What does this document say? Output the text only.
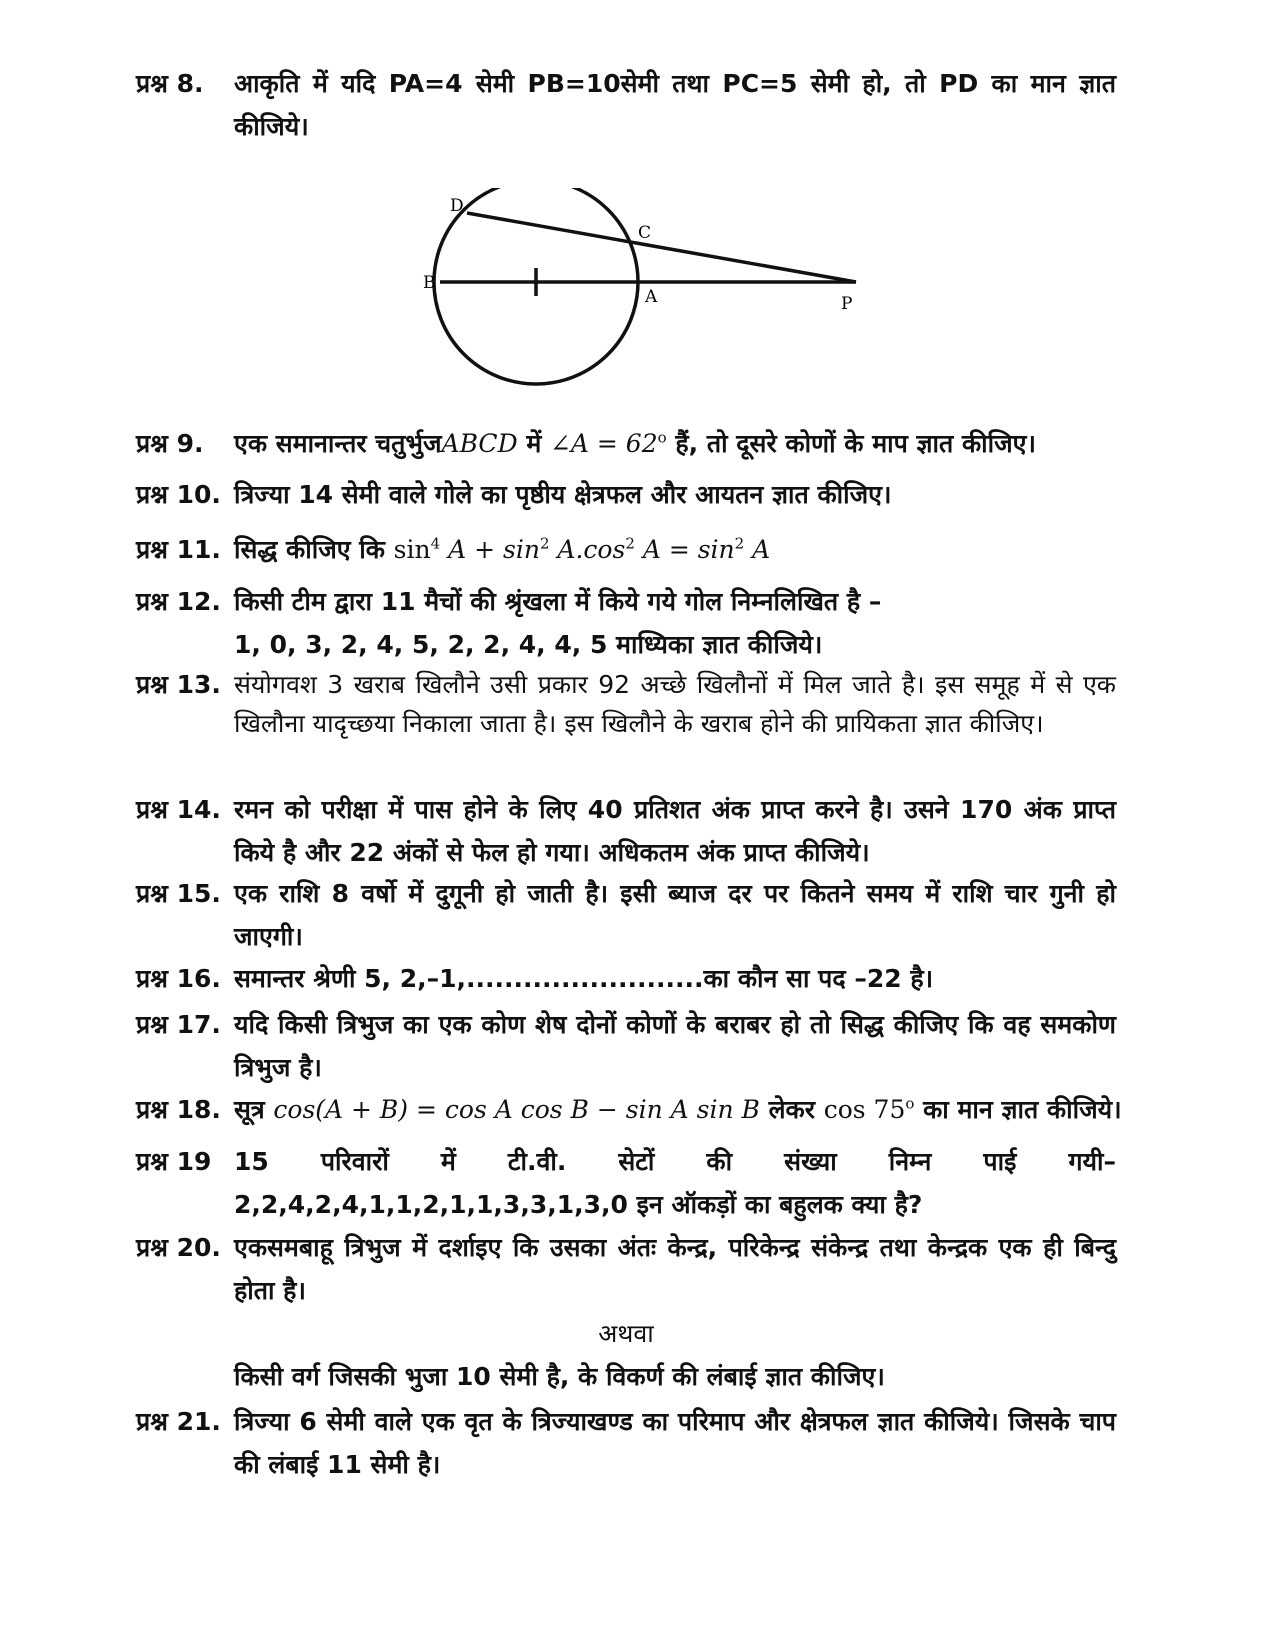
प्रश्न 8. आकृति में यदि PA=4 सेमी PB=10सेमी तथा PC=5 सेमी हो, तो PD का मान ज्ञात कीजिये।
D
C
B
A	P
प्रश्न 9. एक समानान्तर चतुर्भुजABCD में ∠A = $62^o$ हैं, तो दूसरे कोणों के माप ज्ञात कीजिए।
प्रश्न 10. त्रिज्या 14 सेमी वाले गोले का पृष्ठीय क्षेत्रफल और आयतन ज्ञात कीजिए।
प्रश्न 11. सिद्ध कीजिए कि $\sin^4 A + \sin^2 A.\cos^2$ $A = \sin^2 A$
प्रश्न 12. किसी टीम द्वारा 11 मैचों की श्रृंखला में किये गये गोल निम्नलिखित है –
1, 0, 3, 2, 4, 5, 2, 2, 4, 4, 5 माध्यिका ज्ञात कीजिये।
प्रश्न 13. संयोगवश 3 खराब खिलौने उसी प्रकार 92 अच्छे खिलौनों में मिल जाते है। इस समूह में से एक खिलौना यादृच्छया निकाला जाता है। इस खिलौने के खराब होने की प्रायिकता ज्ञात कीजिए।
प्रश्न 14. रमन को परीक्षा में पास होने के लिए 40 प्रतिशत अंक प्राप्त करने है। उसने 170 अंक प्राप्त किये है और 22 अंकों से फेल हो गया। अधिकतम अंक प्राप्त कीजिये।
प्रश्न 15. एक राशि 8 वर्षो में दुगूनी हो जाती है। इसी ब्याज दर पर कितने समय में राशि चार गुनी हो जाएगी।
प्रश्न 16. समान्तर श्रेणी 5, 2,–1,.........................का कौन सा पद –22 है।
प्रश्न 17. यदि किसी त्रिभुज का एक कोण शेष दोनों कोणों के बराबर हो तो सिद्ध कीजिए कि वह समकोण त्रिभुज है।
प्रश्न 18. सूत्र cos(A + B) = cos A cos B − sin A sin B लेकर cos 75$^o$ का मान ज्ञात कीजिये।
प्रश्न 19 15 परिवारों में टी.वी. सेटों की संख्या निम्न पाई गयी– 2,2,4,2,4,1,1,2,1,1,3,3,1,3,0 इन ऑकड़ों का बहुलक क्या है?
प्रश्न 20. एकसमबाहू त्रिभुज में दर्शाइए कि उसका अंतः केन्द्र, परिकेन्द्र संकेन्द्र तथा केन्द्रक एक ही बिन्दु होता है।
अथवा
किसी वर्ग जिसकी भुजा 10 सेमी है, के विकर्ण की लंबाई ज्ञात कीजिए।
प्रश्न 21. त्रिज्या 6 सेमी वाले एक वृत के त्रिज्याखण्ड का परिमाप और क्षेत्रफल ज्ञात कीजिये। जिसके चाप की लंबाई 11 सेमी है।
